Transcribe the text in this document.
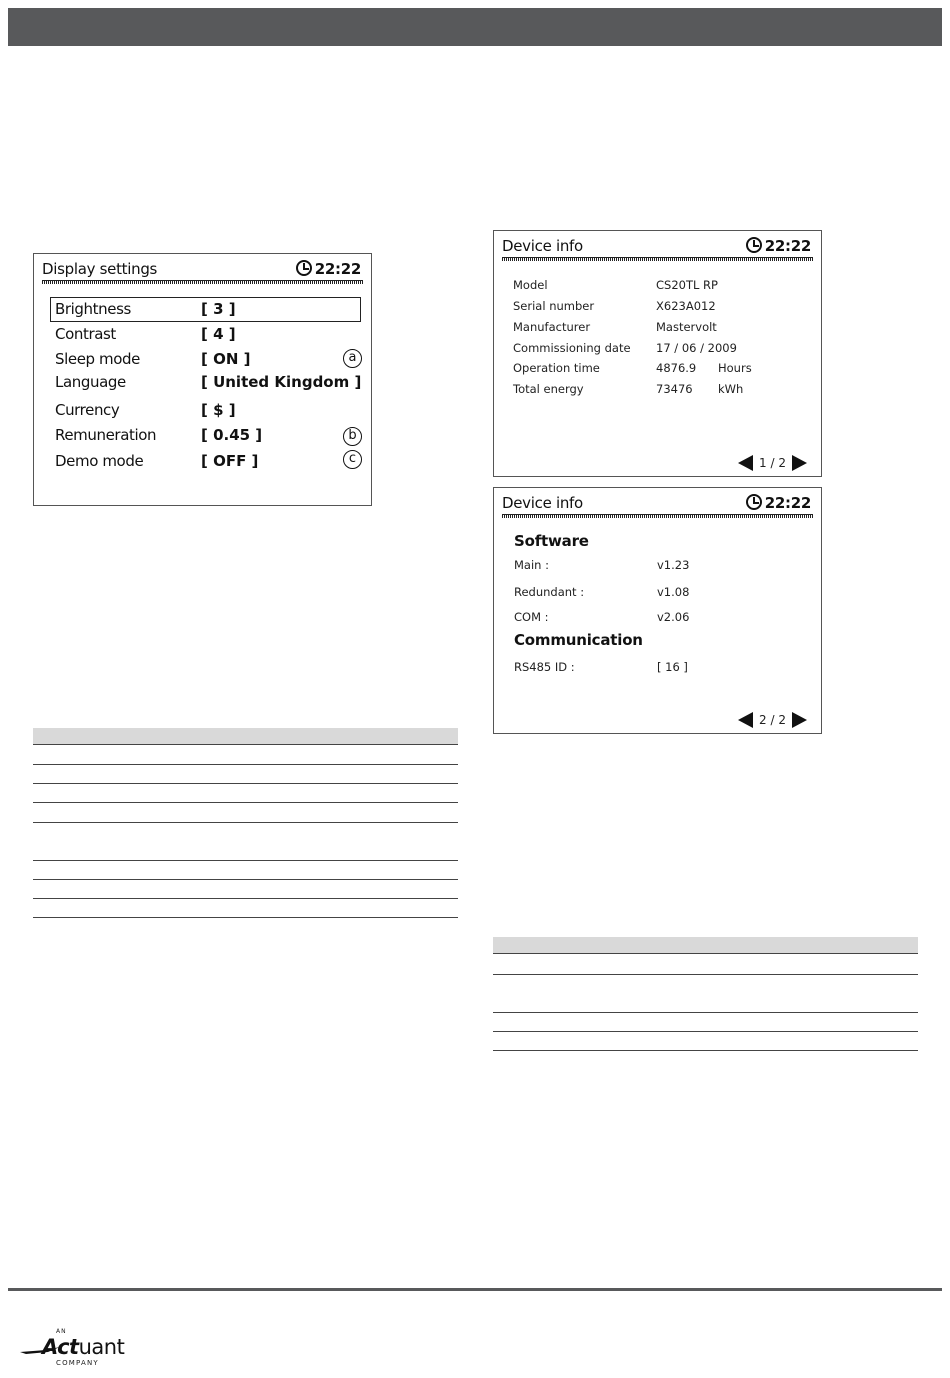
Display settings	22:22
Brightness	[ 3 ]
Contrast	[ 4 ]
Sleep mode	[ ON ]
Language	[ United Kingdom ]
Currency	[ $ ]
Remuneration	[ 0.45 ]
Demo mode	[ OFF ]
a
b
c
Device info	22:22
Model	CS20TL RP
Serial number	X623A012
Manufacturer	Mastervolt
Commissioning date 17 / 06 / 2009
Operation time	4876.9 Hours
Total energy	73476 kWh
1 / 2
Device info	22:22
Software
Main :	v1.23
Redundant :	v1.08
COM :	v2.06
Communication
RS485 ID :	[ 16 ]
2 / 2
AN
Actuant
COMPANY
